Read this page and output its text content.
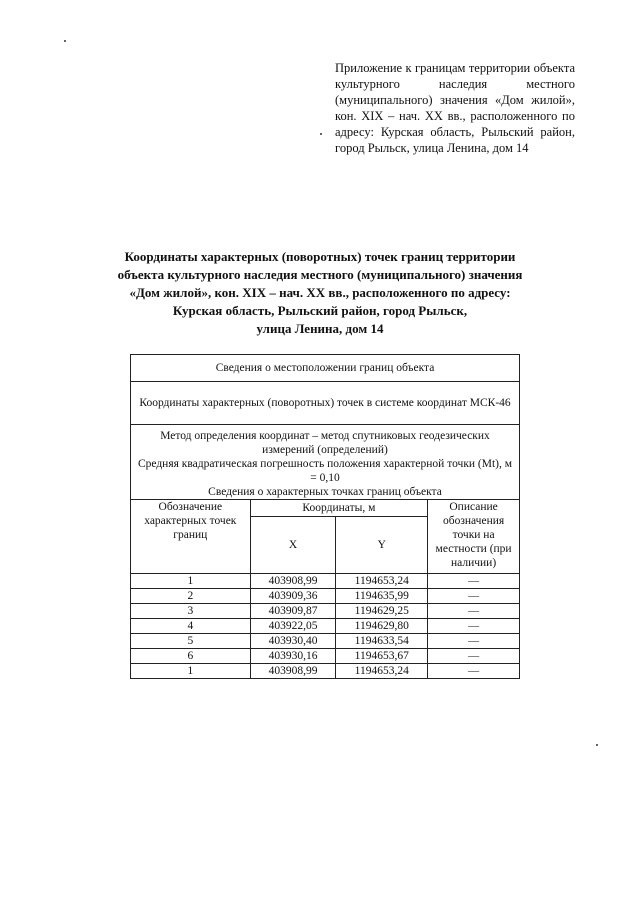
Приложение к границам территории объекта культурного наследия местного (муниципального) значения «Дом жилой», кон. XIX – нач. XX вв., расположенного по адресу: Курская область, Рыльский район, город Рыльск, улица Ленина, дом 14
Координаты характерных (поворотных) точек границ территории
объекта культурного наследия местного (муниципального) значения
«Дом жилой», кон. XIX – нач. XX вв., расположенного по адресу:
Курская область, Рыльский район, город Рыльск,
улица Ленина, дом 14
Сведения о местоположении границ объекта			
Координаты характерных (поворотных) точек в системе координат МСК-46			

Метод определения координат – метод спутниковых геодезических измерений (определений)
Средняя квадратическая погрешность положения характерной точки (Mt), м = 0,10
Сведения о характерных точках границ объекта			

Обозначение характерных точек границ	Координаты, м		Описание обозначения точки на местности (при наличии)
	X	Y	
1	403908,99	1194653,24	—
2	403909,36	1194635,99	—
3	403909,87	1194629,25	—
4	403922,05	1194629,80	—
5	403930,40	1194633,54	—
6	403930,16	1194653,67	—
1	403908,99	1194653,24	—
